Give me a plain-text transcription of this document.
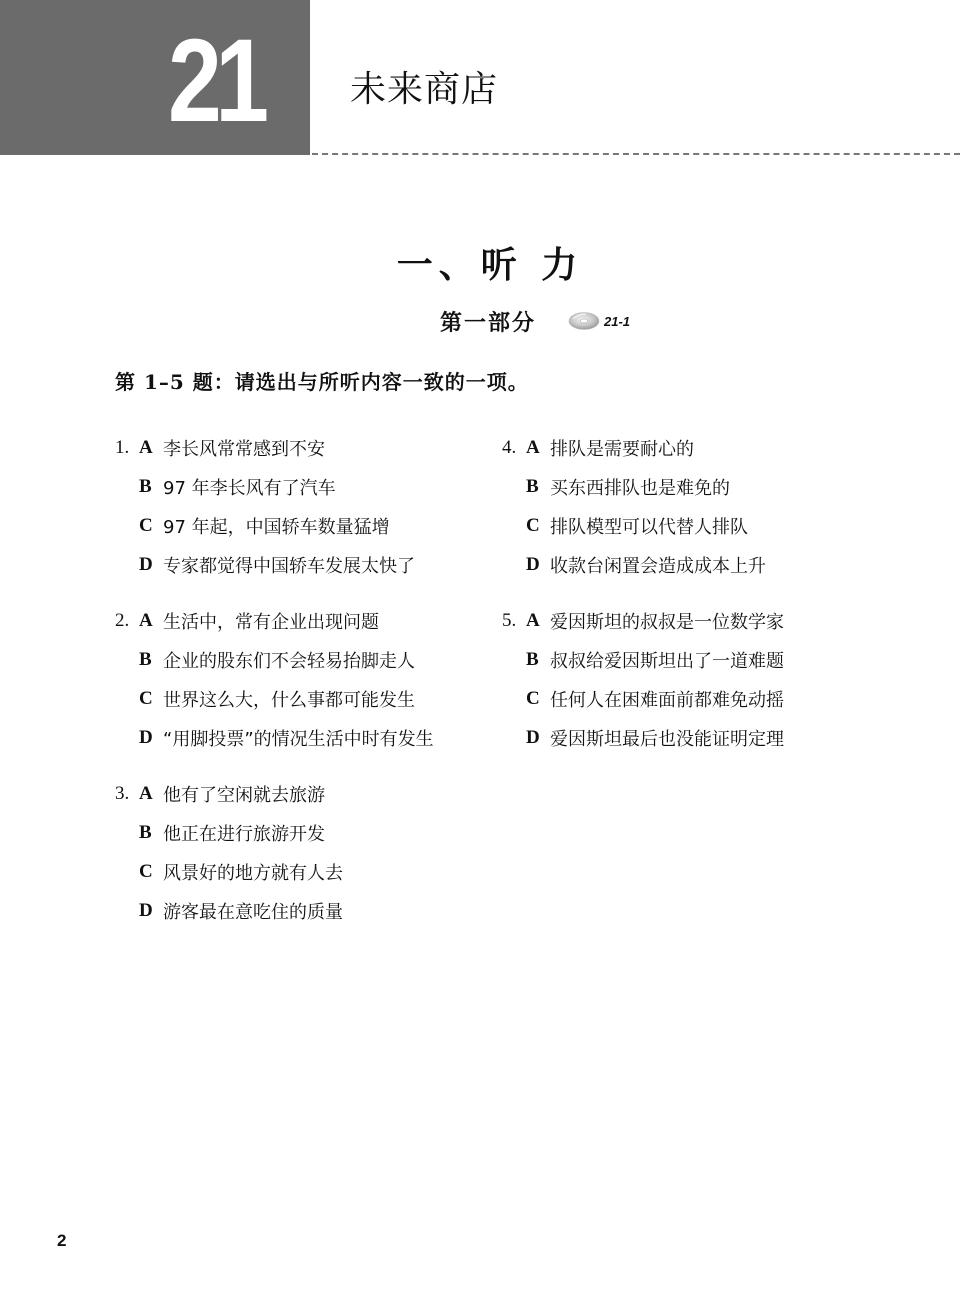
21 未来商店
一、听 力
第一部分	21-1
第 1–5 题：请选出与所听内容一致的一项。
1. A 李长风常常感到不安
B 97 年李长风有了汽车
C 97 年起，中国轿车数量猛增
D 专家都觉得中国轿车发展太快了
2. A 生活中，常有企业出现问题
B 企业的股东们不会轻易抬脚走人
C 世界这么大，什么事都可能发生
D “用脚投票”的情况生活中时有发生
3. A 他有了空闲就去旅游
B 他正在进行旅游开发
C 风景好的地方就有人去
D 游客最在意吃住的质量
4. A 排队是需要耐心的
B 买东西排队也是难免的
C 排队模型可以代替人排队
D 收款台闲置会造成成本上升
5. A 爱因斯坦的叔叔是一位数学家
B 叔叔给爱因斯坦出了一道难题
C 任何人在困难面前都难免动摇
D 爱因斯坦最后也没能证明定理
2
